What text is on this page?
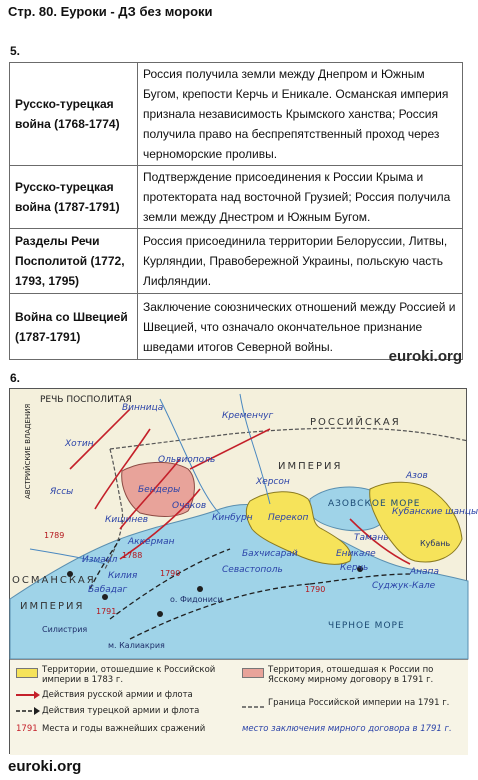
Стр. 80. Еуроки - ДЗ без мороки
5.
Русско-турецкая война (1768-1774)	Россия получила земли между Днепром и Южным Бугом, крепости Керчь и Еникале. Османская империя признала независимость Крымского ханства; Россия получила право на беспрепятственный проход через черноморские проливы.
Русско-турецкая война (1787-1791)	Подтверждение присоединения к России Крыма и протектората над восточной Грузией; Россия получила земли между Днестром и Южным Бугом.
Разделы Речи Посполитой (1772, 1793, 1795)	Россия присоединила территории Белоруссии, Литвы, Курляндии, Правобережной Украины, польскую часть Лифляндии.
Война со Швецией (1787-1791)	Заключение союзнических отношений между Россией и Швецией, что означало окончательное признание шведами итогов Северной войны.
euroki.org
6.
РЕЧЬ ПОСПОЛИТАЯ
РОССИЙСКАЯ
ИМПЕРИЯ
ОСМАНСКАЯ
ИМПЕРИЯ
АЗОВСКОЕ МОРЕ
ЧЕРНОЕ МОРЕ
АВСТРИЙСКИЕ ВЛАДЕНИЯ	Винница
Кременчуг
Хотин
Ольвиополь
Бендеры
Яссы
Кишинев
Очаков
Кинбурн Перекоп
Херсон
Азов
Аккерман
Измаил
Килия
Бабадаг
Силистрия
о. Фидониси
м. Калиакрия
Анапа
Тамань
Еникале
Керчь
Бахчисарай
Севастополь
Суджук-Кале
Кубань
Кубанские шанцы
1788
1789
1790
1790
1791
Территории, отошедшие к Российской империи в 1783 г.
Территория, отошедшая к России по Ясскому мирному договору в 1791 г.
Действия русской армии и флота
Действия турецкой армии и флота
Граница Российской империи на 1791 г.
1791 Места и годы важнейших сражений	место заключения мирного договора в 1791 г.
euroki.org
